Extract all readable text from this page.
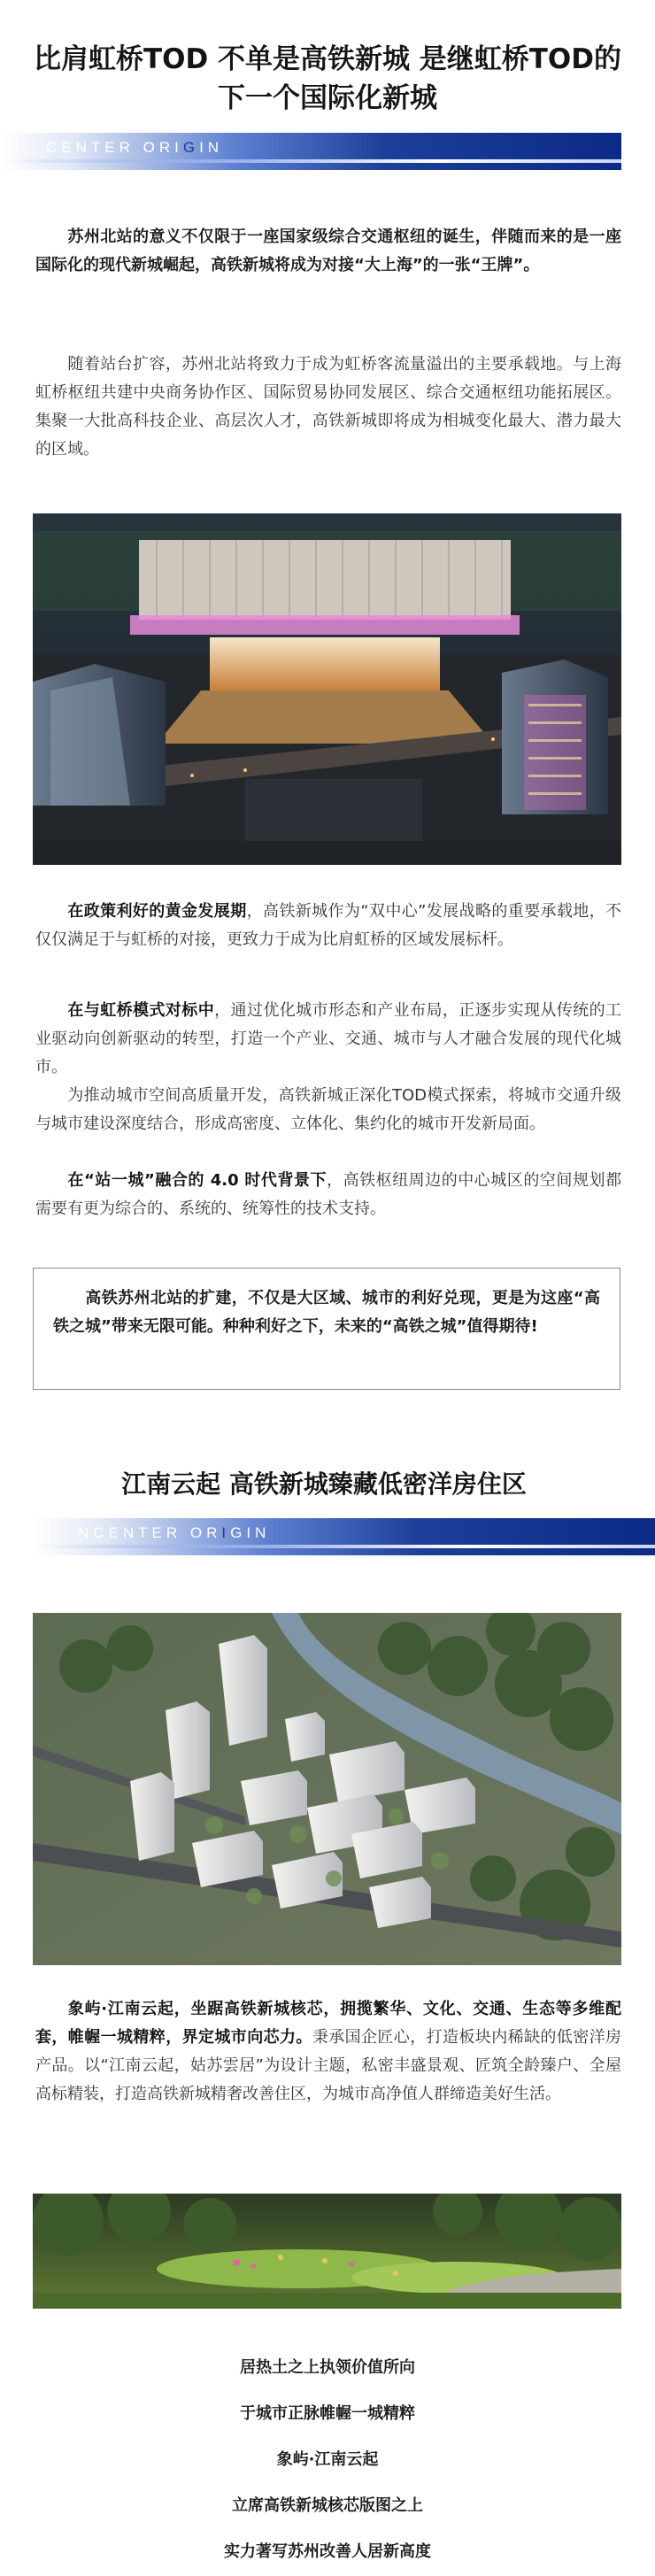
比肩虹桥TOD 不单是高铁新城 是继虹桥TOD的
下一个国际化新城
CENTER ORIGIN

苏州北站的意义不仅限于一座国家级综合交通枢纽的诞生，伴随而来的是一座国际化的现代新城崛起，高铁新城将成为对接“大上海”的一张“王牌”。

随着站台扩容，苏州北站将致力于成为虹桥客流量溢出的主要承载地。与上海虹桥枢纽共建中央商务协作区、国际贸易协同发展区、综合交通枢纽功能拓展区。集聚一大批高科技企业、高层次人才，高铁新城即将成为相城变化最大、潜力最大的区域。

在政策利好的黄金发展期，高铁新城作为“双中心”发展战略的重要承载地，不仅仅满足于与虹桥的对接，更致力于成为比肩虹桥的区域发展标杆。

在与虹桥模式对标中，通过优化城市形态和产业布局，正逐步实现从传统的工业驱动向创新驱动的转型，打造一个产业、交通、城市与人才融合发展的现代化城市。

为推动城市空间高质量开发，高铁新城正深化TOD模式探索，将城市交通升级与城市建设深度结合，形成高密度、立体化、集约化的城市开发新局面。

在“站一城”融合的 4.0 时代背景下，高铁枢纽周边的中心城区的空间规划都需要有更为综合的、系统的、统筹性的技术支持。

高铁苏州北站的扩建，不仅是大区域、城市的利好兑现，更是为这座“高铁之城”带来无限可能。种种利好之下，未来的“高铁之城”值得期待!

江南云起 高铁新城臻藏低密洋房住区
NCENTER ORIGIN

象屿·江南云起，坐踞高铁新城核芯，拥揽繁华、文化、交通、生态等多维配套，帷幄一城精粹，界定城市向芯力。秉承国企匠心，打造板块内稀缺的低密洋房产品。以“江南云起，姑苏雲居”为设计主题，私密丰盛景观、匠筑全龄臻户、全屋高标精装，打造高铁新城精奢改善住区，为城市高净值人群缔造美好生活。

居热土之上执领价值所向
于城市正脉帷幄一城精粹
象屿·江南云起
立席高铁新城核芯版图之上
实力著写苏州改善人居新高度
